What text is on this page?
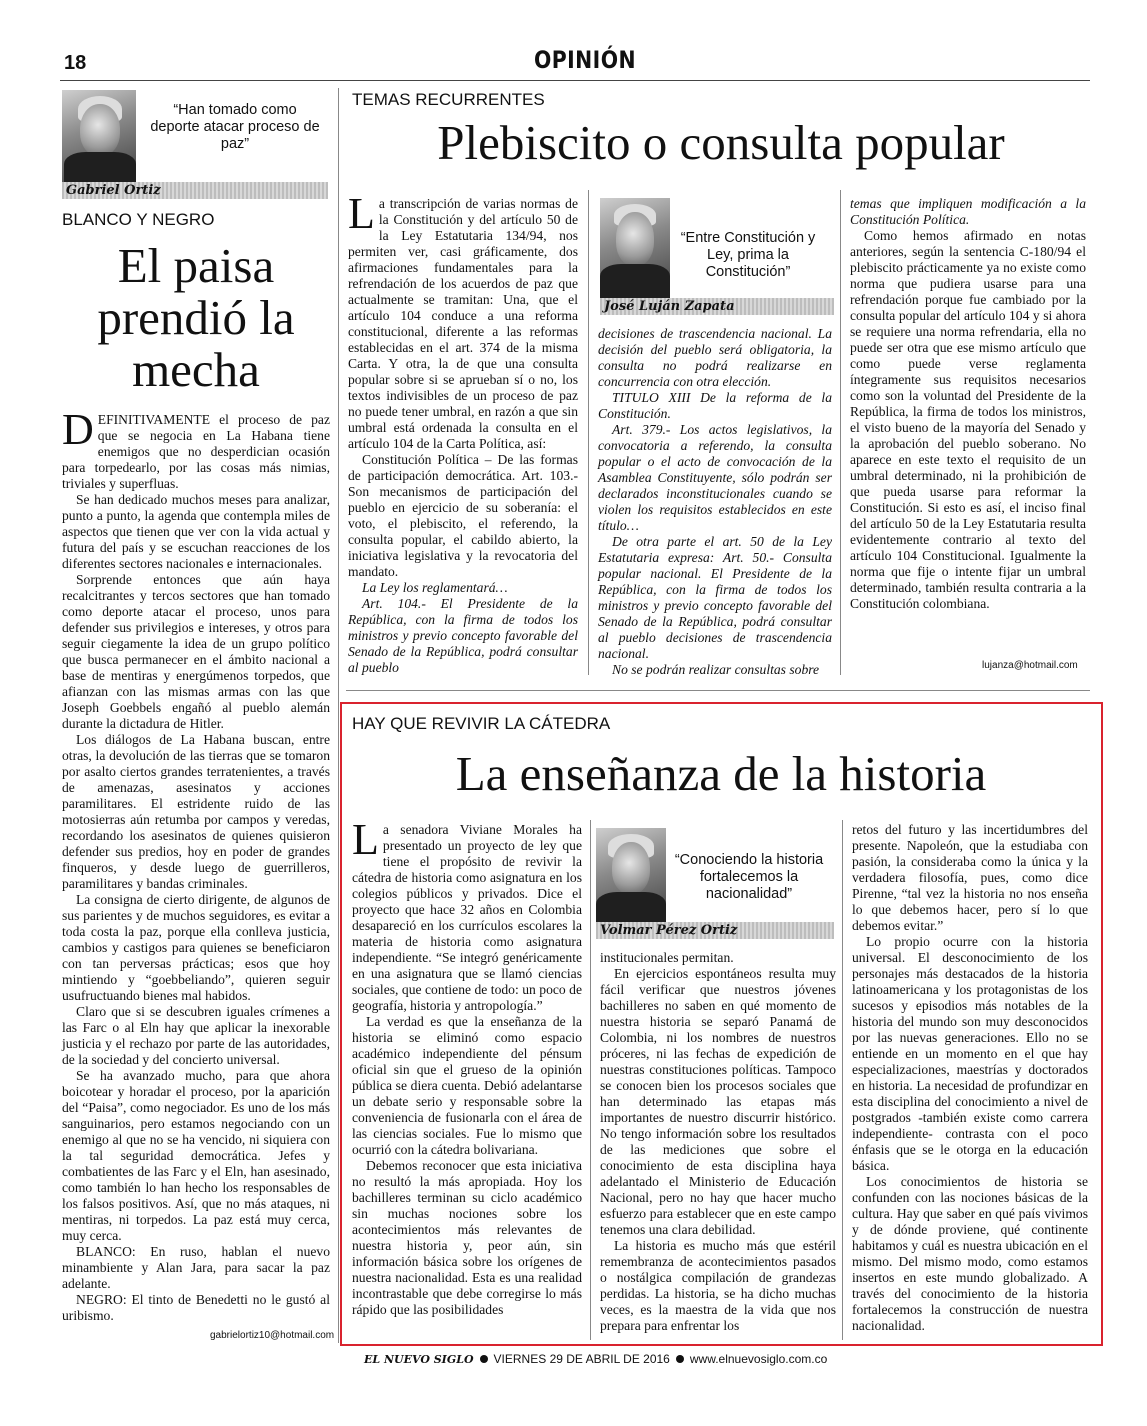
18	OPINIÓN
“Han tomado como deporte atacar proceso de paz”
Gabriel Ortiz
BLANCO Y NEGRO
El paisa prendió la mecha

DEFINITIVAMENTE el proceso de paz que se negocia en La Habana tiene enemigos que no desperdician ocasión para torpedearlo, por las cosas más nimias, triviales y superfluas.

Se han dedicado muchos meses para analizar, punto a punto, la agenda que contempla miles de aspectos que tienen que ver con la vida actual y futura del país y se escuchan reacciones de los diferentes sectores nacionales e internacionales.

Sorprende entonces que aún haya recalcitrantes y tercos sectores que han tomado como deporte atacar el proceso, unos para defender sus privilegios e intereses, y otros para seguir ciegamente la idea de un grupo político que busca permanecer en el ámbito nacional a base de mentiras y energúmenos torpedos, que afianzan con las mismas armas con las que Joseph Goebbels engañó al pueblo alemán durante la dictadura de Hitler.

Los diálogos de La Habana buscan, entre otras, la devolución de las tierras que se tomaron por asalto ciertos grandes terratenientes, a través de amenazas, asesinatos y acciones paramilitares. El estridente ruido de las motosierras aún retumba por campos y veredas, recordando los asesinatos de quienes quisieron defender sus predios, hoy en poder de grandes finqueros, y desde luego de guerrilleros, paramilitares y bandas criminales.

La consigna de cierto dirigente, de algunos de sus parientes y de muchos seguidores, es evitar a toda costa la paz, porque ella conlleva justicia, cambios y castigos para quienes se beneficiaron con tan perversas prácticas; esos que hoy mintiendo y “goebbeliando”, quieren seguir usufructuando bienes mal habidos.

Claro que si se descubren iguales crímenes a las Farc o al Eln hay que aplicar la inexorable justicia y el rechazo por parte de las autoridades, de la sociedad y del concierto universal.

Se ha avanzado mucho, para que ahora boicotear y horadar el proceso, por la aparición del “Paisa”, como negociador. Es uno de los más sanguinarios, pero estamos negociando con un enemigo al que no se ha vencido, ni siquiera con la tal seguridad democrática. Jefes y combatientes de las Farc y el Eln, han asesinado, como también lo han hecho los responsables de los falsos positivos. Así, que no más ataques, ni mentiras, ni torpedos. La paz está muy cerca, muy cerca.

BLANCO: En ruso, hablan el nuevo minambiente y Alan Jara, para sacar la paz adelante.

NEGRO: El tinto de Benedetti no le gustó al uribismo.

gabrielortiz10@hotmail.com
TEMAS RECURRENTES
Plebiscito o consulta popular

La transcripción de varias normas de la Constitución y del artículo 50 de la Ley Estatutaria 134/94, nos permiten ver, casi gráficamente, dos afirmaciones fundamentales para la refrendación de los acuerdos de paz que actualmente se tramitan: Una, que el artículo 104 conduce a una reforma constitucional, diferente a las reformas establecidas en el art. 374 de la misma Carta. Y otra, la de que una consulta popular sobre si se aprueban sí o no, los textos indivisibles de un proceso de paz no puede tener umbral, en razón a que sin umbral está ordenada la consulta en el artículo 104 de la Carta Política, así:

Constitución Política – De las formas de participación democrática. Art. 103.-Son mecanismos de participación del pueblo en ejercicio de su soberanía: el voto, el plebiscito, el referendo, la consulta popular, el cabildo abierto, la iniciativa legislativa y la revocatoria del mandato.

La Ley los reglamentará…

Art. 104.- El Presidente de la República, con la firma de todos los ministros y previo concepto favorable del Senado de la República, podrá consultar al pueblo

“Entre Constitución y Ley, prima la Constitución”
José Luján Zapata

decisiones de trascendencia nacional. La decisión del pueblo será obligatoria, la consulta no podrá realizarse en concurrencia con otra elección.

TITULO XIII De la reforma de la Constitución.

Art. 379.- Los actos legislativos, la convocatoria a referendo, la consulta popular o el acto de convocación de la Asamblea Constituyente, sólo podrán ser declarados inconstitucionales cuando se violen los requisitos establecidos en este título…

De otra parte el art. 50 de la Ley Estatutaria expresa: Art. 50.- Consulta popular nacional. El Presidente de la República, con la firma de todos los ministros y previo concepto favorable del Senado de la República, podrá consultar al pueblo decisiones de trascendencia nacional.

No se podrán realizar consultas sobre

temas que impliquen modificación a la Constitución Política.

Como hemos afirmado en notas anteriores, según la sentencia C-180/94 el plebiscito prácticamente ya no existe como norma que pudiera usarse para una refrendación porque fue cambiado por la consulta popular del artículo 104 y si ahora se requiere una norma refrendaria, ella no puede ser otra que ese mismo artículo que como puede verse reglamenta íntegramente sus requisitos necesarios como son la voluntad del Presidente de la República, la firma de todos los ministros, el visto bueno de la mayoría del Senado y la aprobación del pueblo soberano. No aparece en este texto el requisito de un umbral determinado, ni la prohibición de que pueda usarse para reformar la Constitución. Si esto es así, el inciso final del artículo 50 de la Ley Estatutaria resulta evidentemente contrario al texto del artículo 104 Constitucional. Igualmente la norma que fije o intente fijar un umbral determinado, también resulta contraria a la Constitución colombiana.

lujanza@hotmail.com
HAY QUE REVIVIR LA CÁTEDRA
La enseñanza de la historia

La senadora Viviane Morales ha presentado un proyecto de ley que tiene el propósito de revivir la cátedra de historia como asignatura en los colegios públicos y privados. Dice el proyecto que hace 32 años en Colombia desapareció en los currículos escolares la materia de historia como asignatura independiente. “Se integró genéricamente en una asignatura que se llamó ciencias sociales, que contiene de todo: un poco de geografía, historia y antropología.”

La verdad es que la enseñanza de la historia se eliminó como espacio académico independiente del pénsum oficial sin que el grueso de la opinión pública se diera cuenta. Debió adelantarse un debate serio y responsable sobre la conveniencia de fusionarla con el área de las ciencias sociales. Fue lo mismo que ocurrió con la cátedra bolivariana.

Debemos reconocer que esta iniciativa no resultó la más apropiada. Hoy los bachilleres terminan su ciclo académico sin muchas nociones sobre los acontecimientos más relevantes de nuestra historia y, peor aún, sin información básica sobre los orígenes de nuestra nacionalidad. Esta es una realidad incontrastable que debe corregirse lo más rápido que las posibilidades

“Conociendo la historia fortalecemos la nacionalidad”
Volmar Pérez Ortiz

institucionales permitan.

En ejercicios espontáneos resulta muy fácil verificar que nuestros jóvenes bachilleres no saben en qué momento de nuestra historia se separó Panamá de Colombia, ni los nombres de nuestros próceres, ni las fechas de expedición de nuestras constituciones políticas. Tampoco se conocen bien los procesos sociales que han determinado las etapas más importantes de nuestro discurrir histórico. No tengo información sobre los resultados de las mediciones que sobre el conocimiento de esta disciplina haya adelantado el Ministerio de Educación Nacional, pero no hay que hacer mucho esfuerzo para establecer que en este campo tenemos una clara debilidad.

La historia es mucho más que estéril remembranza de acontecimientos pasados o nostálgica compilación de grandezas perdidas. La historia, se ha dicho muchas veces, es la maestra de la vida que nos prepara para enfrentar los

retos del futuro y las incertidumbres del presente. Napoleón, que la estudiaba con pasión, la consideraba como la única y la verdadera filosofía, pues, como dice Pirenne, “tal vez la historia no nos enseña lo que debemos hacer, pero sí lo que debemos evitar.”

Lo propio ocurre con la historia universal. El desconocimiento de los personajes más destacados de la historia latinoamericana y los protagonistas de los sucesos y episodios más notables de la historia del mundo son muy desconocidos por las nuevas generaciones. Ello no se entiende en un momento en el que hay especializaciones, maestrías y doctorados en historia. La necesidad de profundizar en esta disciplina del conocimiento a nivel de postgrados -también existe como carrera independiente- contrasta con el poco énfasis que se le otorga en la educación básica.

Los conocimientos de historia se confunden con las nociones básicas de la cultura. Hay que saber en qué país vivimos y de dónde proviene, qué continente habitamos y cuál es nuestra ubicación en el mismo. Del mismo modo, como estamos insertos en este mundo globalizado. A través del conocimiento de la historia fortalecemos la construcción de nuestra nacionalidad.

EL NUEVO SIGLO VIERNES 29 DE ABRIL DE 2016 www.elnuevosiglo.com.co
